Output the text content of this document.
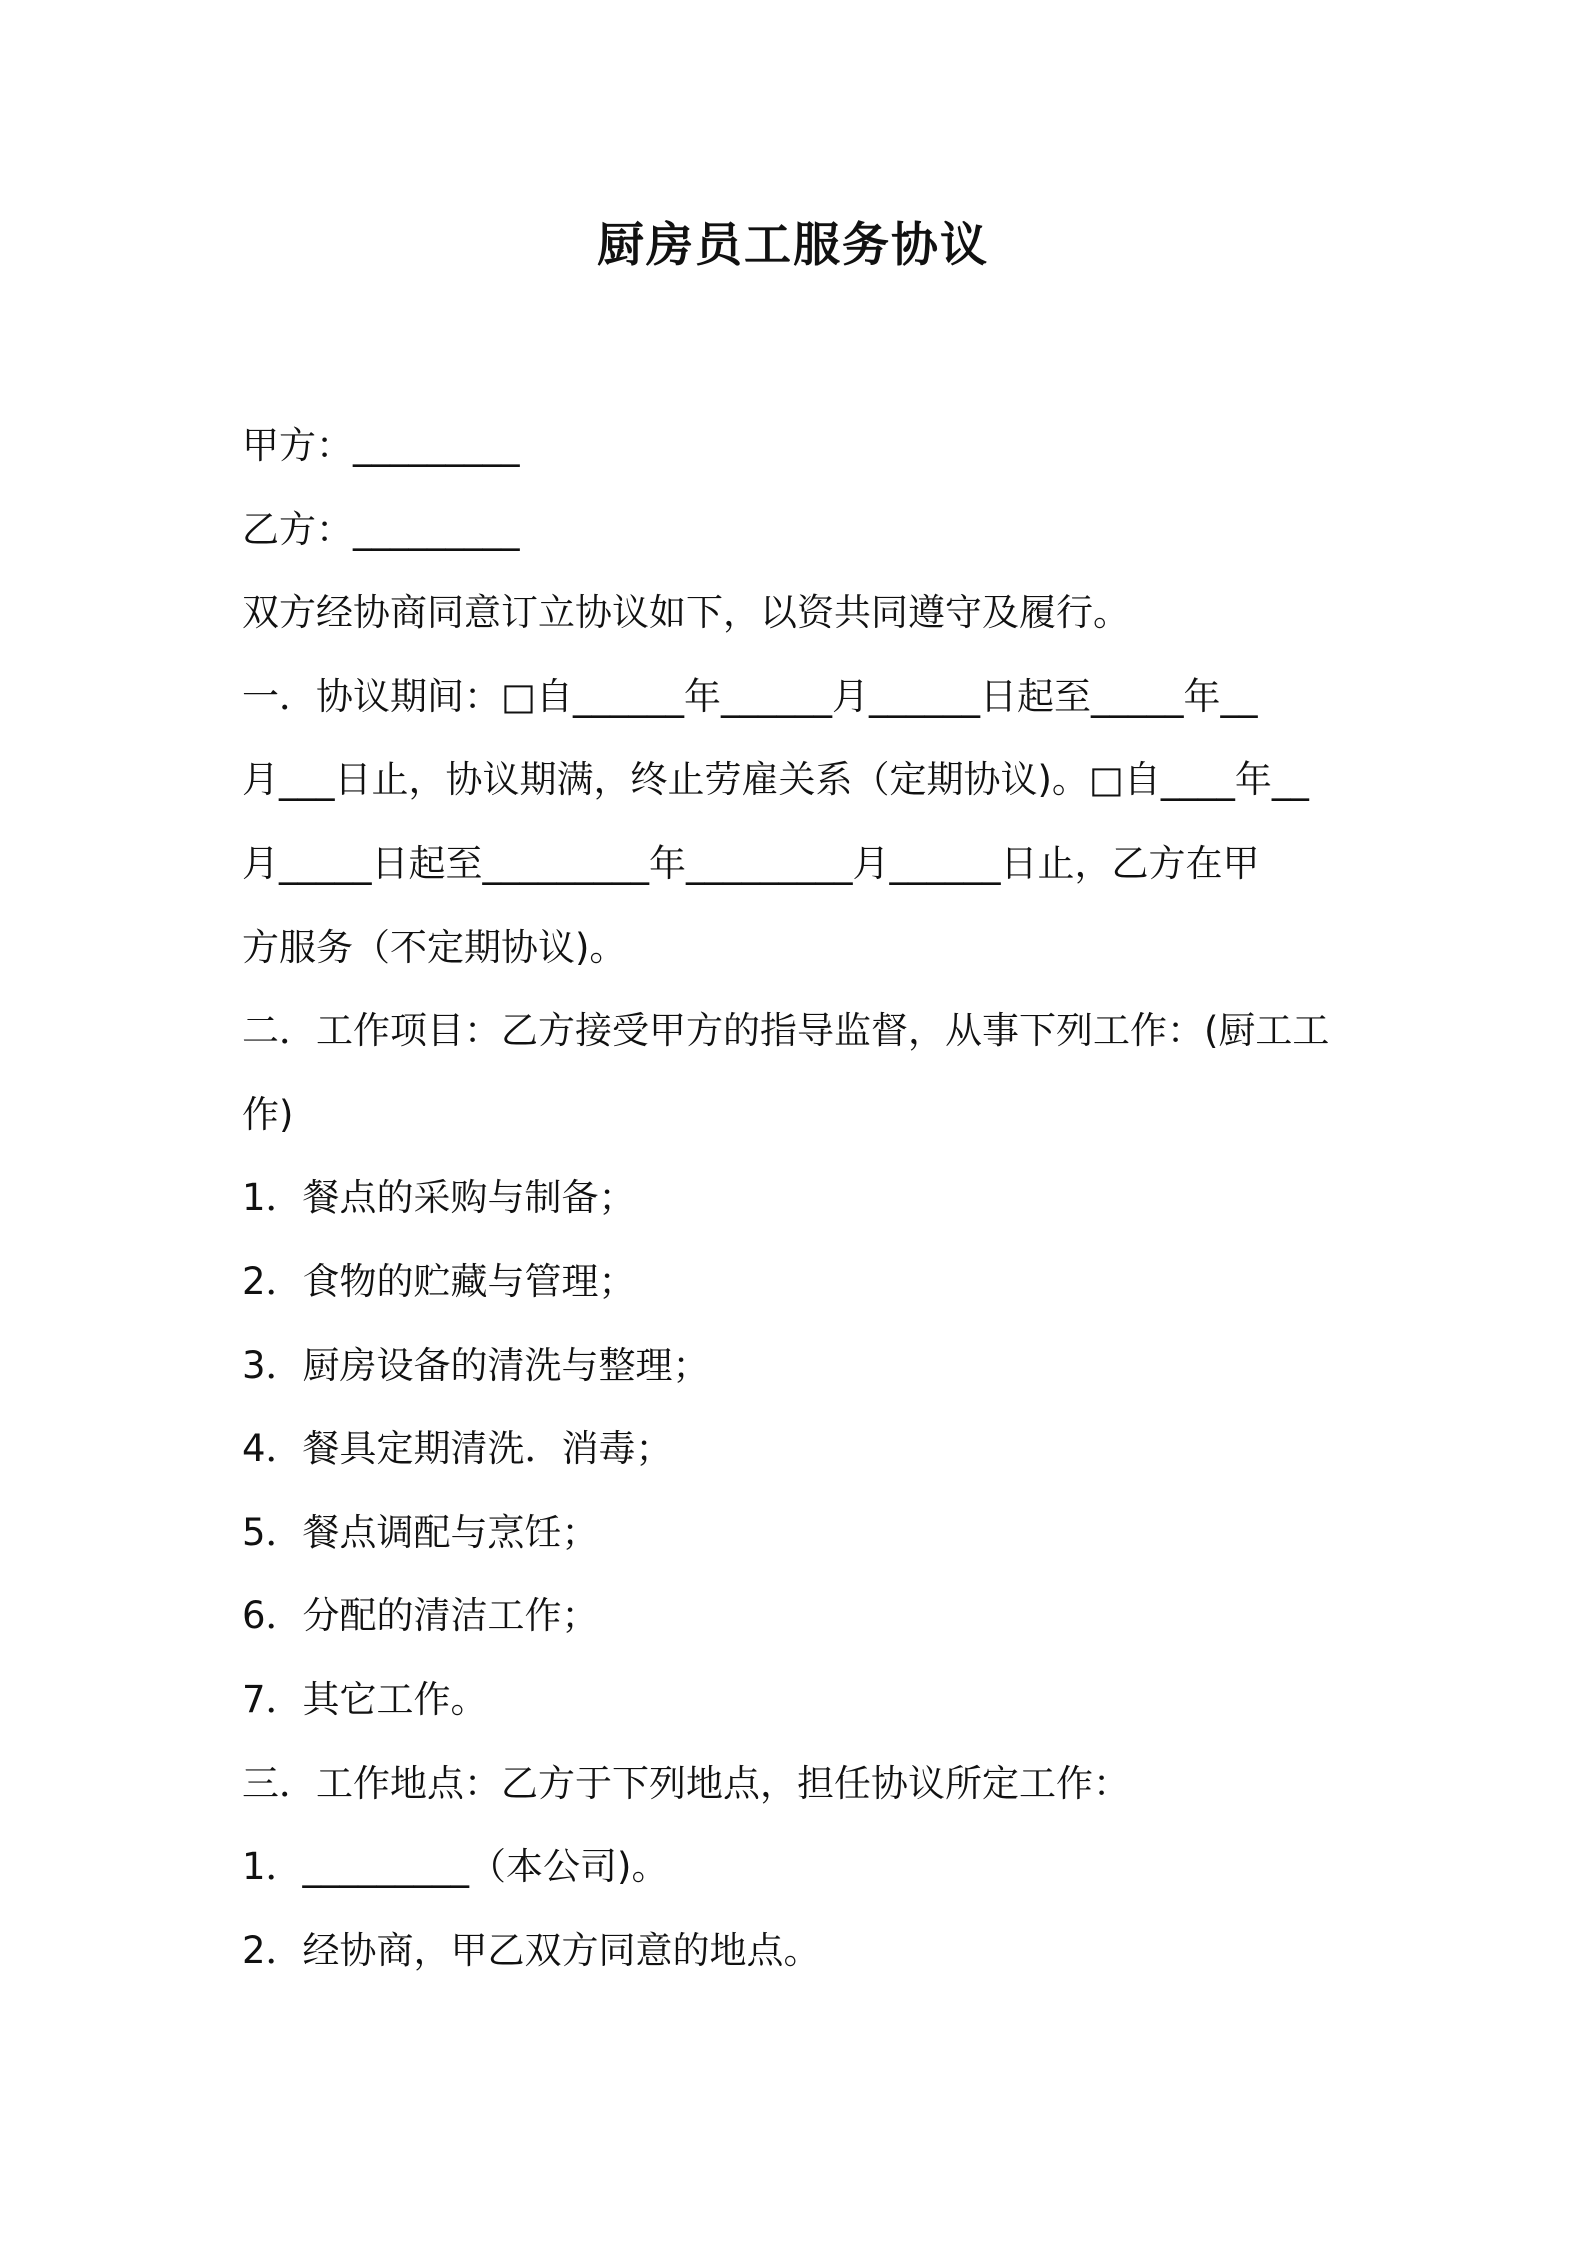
厨房员工服务协议
甲方：_________
乙方：_________
双方经协商同意订立协议如下，以资共同遵守及履行。
一．协议期间：□自______年______月______日起至_____年__
月___日止，协议期满，终止劳雇关系（定期协议)。□自____年__
月_____日起至_________年_________月______日止，乙方在甲
方服务（不定期协议)。
二．工作项目：乙方接受甲方的指导监督，从事下列工作：(厨工工
作)
1．餐点的采购与制备；
2．食物的贮藏与管理；
3．厨房设备的清洗与整理；
4．餐具定期清洗．消毒；
5．餐点调配与烹饪；
6．分配的清洁工作；
7．其它工作。
三．工作地点：乙方于下列地点，担任协议所定工作：
1．_________（本公司)。
2．经协商，甲乙双方同意的地点。
